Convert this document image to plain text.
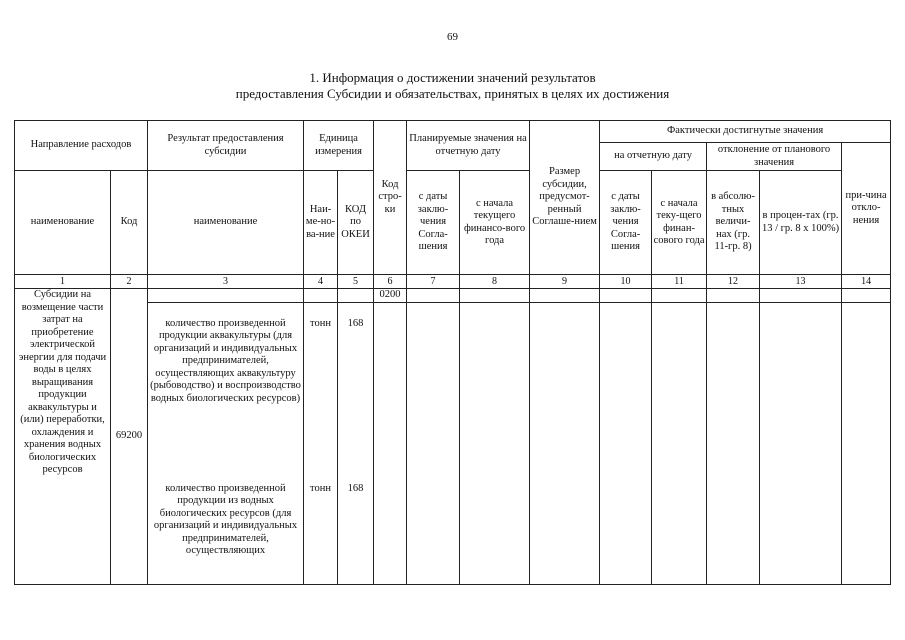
69
1. Информация о достижении значений результатов
предоставления Субсидии и обязательствах, принятых в целях их достижения
Направление расходов		Результат предоставления субсидии	Единица измерения		Код стро-ки	Планируемые значения на отчетную дату		Размер субсидии, предусмот-ренный Соглаше-нием	Фактически достигнутые значения				
									на отчетную дату		отклонение от планового значения		при-чина откло-нения
наименование	Код	наименование	Наи-ме-но-ва-ние	КОД по ОКЕИ		с даты заклю-чения Согла-шения	с начала текущего финансо-вого года		с даты заклю-чения Согла-шения	с начала теку-щего финан-сового года	в абсолю-тных величи-нах (гр. 11-гр. 8)	в процен-тах (гр. 13 / гр. 8 х 100%)	
1	2	3	4	5	6	7	8	9	10	11	12	13	14
Субсидии на возмещение части затрат на приобретение электрической энергии для подачи воды в целях выращивания продукции аквакультуры и (или) переработки, охлаждения и хранения водных биологических ресурсов	69200				0200								

		количество произведенной продукции аквакультуры (для организаций и индивидуальных предпринимателей, осуществляющих аквакультуру (рыбоводство) и воспроизводство водных биологических ресурсов)	тонн	168									
		количество произведенной продукции из водных биологических ресурсов (для организаций и индивидуальных предпринимателей, осуществляющих	тонн	168									
